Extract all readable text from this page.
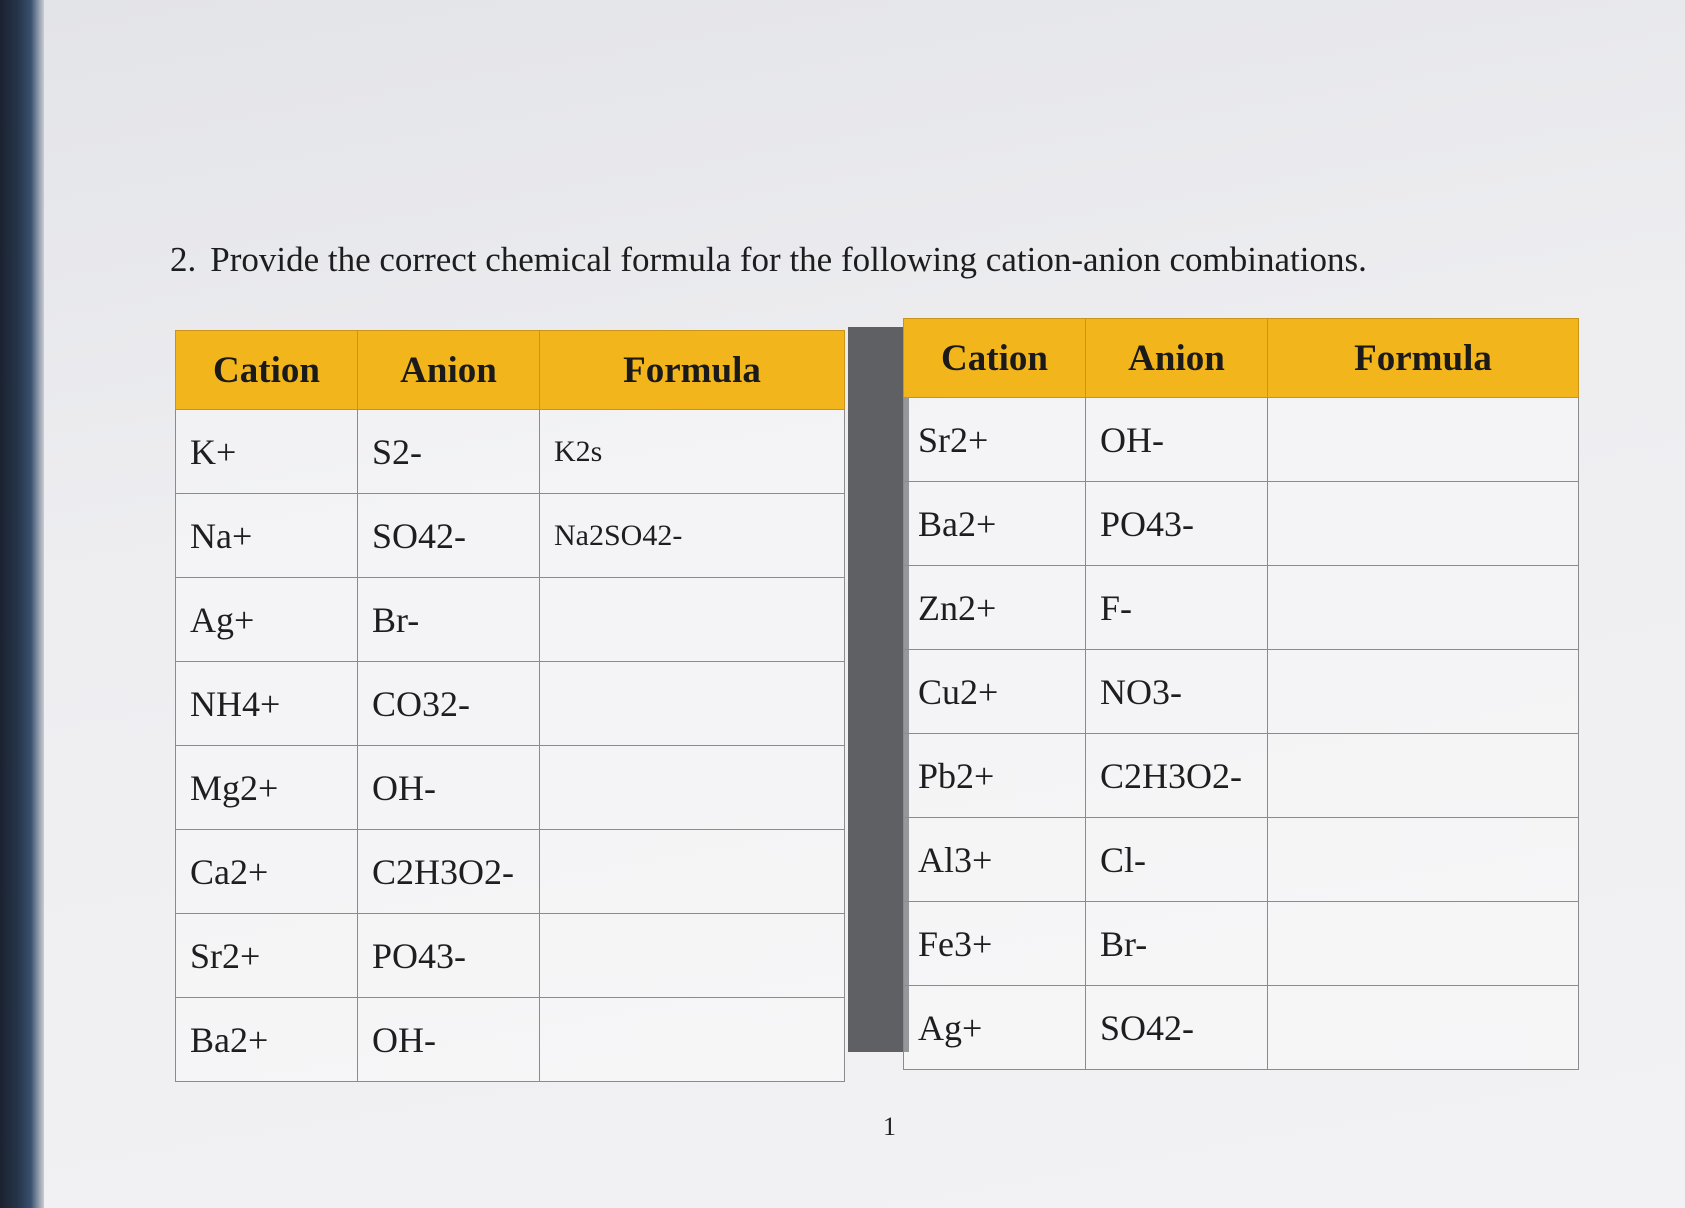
2. Provide the correct chemical formula for the following cation-anion combinations.
Cation	Anion	Formula
K+	S2-	K2s
Na+	SO42-	Na2SO42-
Ag+	Br-	
NH4+	CO32-	
Mg2+	OH-	
Ca2+	C2H3O2-	
Sr2+	PO43-	
Ba2+	OH-	
Cation	Anion	Formula
Sr2+	OH-	
Ba2+	PO43-	
Zn2+	F-	
Cu2+	NO3-	
Pb2+	C2H3O2-	
Al3+	Cl-	
Fe3+	Br-	
Ag+	SO42-	
1
